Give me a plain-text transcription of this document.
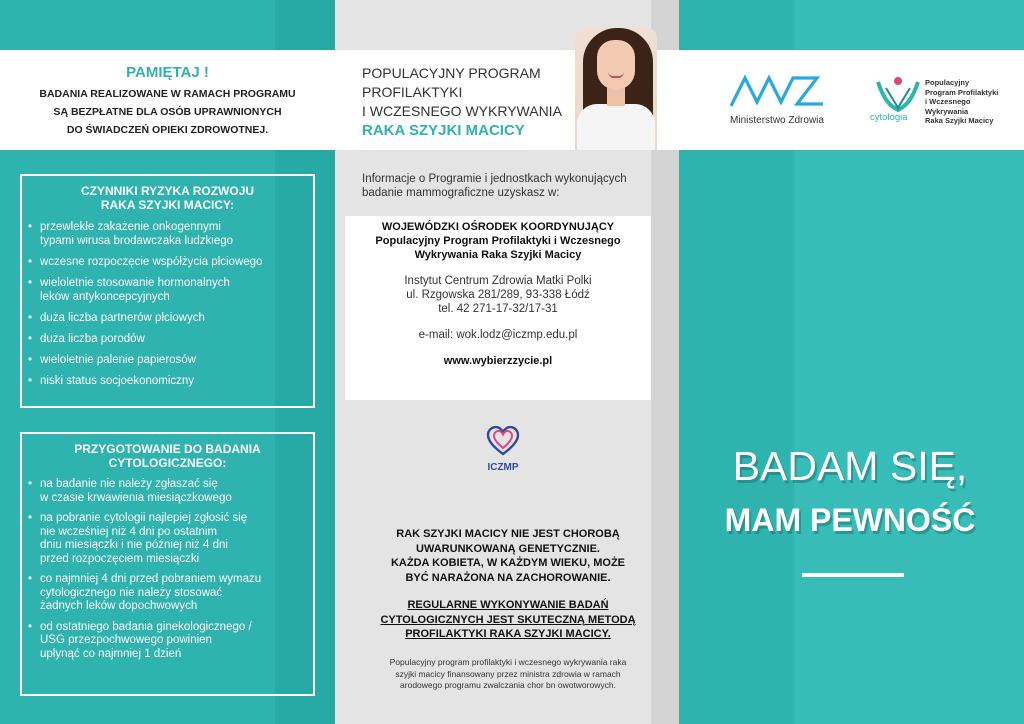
PAMIĘTAJ !

BADANIA REALIZOWANE W RAMACH PROGRAMU

SĄ BEZPŁATNE DLA OSÓB UPRAWNIONYCH

DO ŚWIADCZEŃ OPIEKI ZDROWOTNEJ.

POPULACYJNY PROGRAM
PROFILAKTYKI
I WCZESNEGO WYKRYWANIA
RAKA SZYJKI MACICY
Ministerstwo Zdrowia	cytologia
Populacyjny
Program Profilaktyki
i Wczesnego
Wykrywania
Raka Szyjki Macicy
CZYNNIKI RYZYKA ROZWOJU
RAKA SZYJKI MACICY:
• przewlekłe zakażenie onkogennymi
typami wirusa brodawczaka ludzkiego
• wczesne rozpoczęcie współżycia płciowego
• wieloletnie stosowanie hormonalnych
leków antykoncepcyjnych
• duża liczba partnerów płciowych
• duża liczba porodów
• wieloletnie palenie papierosów
• niski status socjoekonomiczny
PRZYGOTOWANIE DO BADANIA
CYTOLOGICZNEGO:
• na badanie nie należy zgłaszać się
w czasie krwawienia miesiączkowego
• na pobranie cytologii najlepiej zgłosić się
nie wcześniej niż 4 dni po ostatnim
dniu miesiączki i nie później niż 4 dni
przed rozpoczęciem miesiączki
• co najmniej 4 dni przed pobraniem wymazu
cytologicznego nie należy stosować
żadnych leków dopochwowych
• od ostatniego badania ginekologicznego /
USG przezpochwowego powinien
upłynąć co najmniej 1 dzień
Informacje o Programie i jednostkach wykonujących
badanie mammograficzne uzyskasz w:
WOJEWÓDZKI OŚRODEK KOORDYNUJĄCY
Populacyjny Program Profilaktyki i Wczesnego
Wykrywania Raka Szyjki Macicy
Instytut Centrum Zdrowia Matki Polki
ul. Rzgowska 281/289, 93-338 Łódź
tel. 42 271-17-32/17-31
e-mail: wok.lodz@iczmp.edu.pl
www.wybierzzycie.pl
ICZMP
RAK SZYJKI MACICY NIE JEST CHOROBĄ
UWARUNKOWANĄ GENETYCZNIE.
KAŻDA KOBIETA, W KAŻDYM WIEKU, MOŻE
BYĆ NARAŻONA NA ZACHOROWANIE.
REGULARNE WYKONYWANIE BADAŃ
CYTOLOGICZNYCH JEST SKUTECZNĄ METODĄ
PROFILAKTYKI RAKA SZYJKI MACICY.
Populacyjny program profilaktyki i wczesnego wykrywania raka
szyjki macicy finansowany przez ministra zdrowia w ramach
arodowego programu zwalczania chor bn owotworowych.
BADAM SIĘ,
MAM PEWNOŚĆ
